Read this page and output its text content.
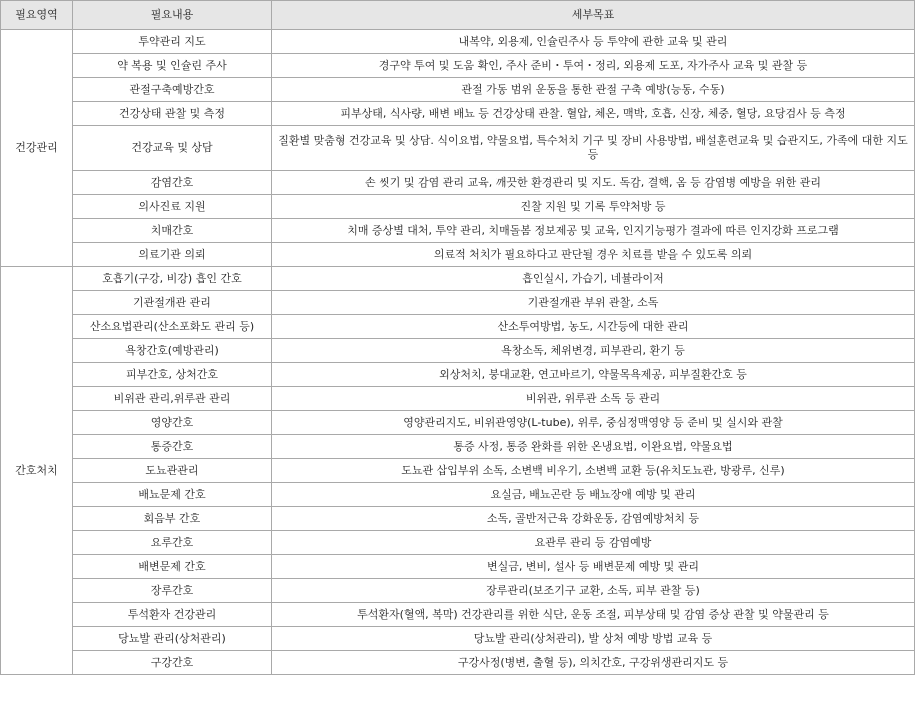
필요영역	필요내용	세부목표
건강관리	투약관리 지도	내복약, 외용제, 인슐린주사 등 투약에 관한 교육 및 관리
	약 복용 및 인슐린 주사	경구약 투여 및 도움 확인, 주사 준비・투여・정리, 외용제 도포, 자가주사 교육 및 관찰 등
	관절구축예방간호	관절 가동 범위 운동을 통한 관절 구축 예방(능동, 수동)
	건강상태 관찰 및 측정	피부상태, 식사량, 배변 배뇨 등 건강상태 관찰. 혈압, 체온, 맥박, 호흡, 신장, 체중, 혈당, 요당검사 등 측정
	건강교육 및 상담	질환별 맞춤형 건강교육 및 상담. 식이요법, 약물요법, 특수처치 기구 및 장비 사용방법, 배설훈련교육 및 습관지도, 가족에 대한 지도 등
	감염간호	손 씻기 및 감염 관리 교육, 깨끗한 환경관리 및 지도. 독감, 결핵, 옴 등 감염병 예방을 위한 관리
	의사진료 지원	진찰 지원 및 기록 투약처방 등
	치매간호	치매 증상별 대처, 투약 관리, 치매돌봄 정보제공 및 교육, 인지기능평가 결과에 따른 인지강화 프로그램
	의료기관 의뢰	의료적 처치가 필요하다고 판단될 경우 치료를 받을 수 있도록 의뢰
간호처치	호흡기(구강, 비강) 흡인 간호	흡인실시, 가습기, 네뷸라이저
	기관절개관 관리	기관절개관 부위 관찰, 소독
	산소요법관리(산소포화도 관리 등)	산소투여방법, 농도, 시간등에 대한 관리
	욕창간호(예방관리)	욕창소독, 체위변경, 피부관리, 환기 등
	피부간호, 상처간호	외상처치, 붕대교환, 연고바르기, 약물목욕제공, 피부질환간호 등
	비위관 관리,위루관 관리	비위관, 위루관 소독 등 관리
	영양간호	영양관리지도, 비위관영양(L-tube), 위루, 중심정맥영양 등 준비 및 실시와 관찰
	통증간호	통증 사정, 통증 완화를 위한 온냉요법, 이완요법, 약물요법
	도뇨관관리	도뇨관 삽입부위 소독, 소변백 비우기, 소변백 교환 등(유치도뇨관, 방광루, 신루)
	배뇨문제 간호	요실금, 배뇨곤란 등 배뇨장애 예방 및 관리
	회음부 간호	소독, 골반저근육 강화운동, 감염예방처치 등
	요루간호	요관루 관리 등 감염예방
	배변문제 간호	변실금, 변비, 설사 등 배변문제 예방 및 관리
	장루간호	장루관리(보조기구 교환, 소독, 피부 관찰 등)
	투석환자 건강관리	투석환자(혈액, 복막) 건강관리를 위한 식단, 운동 조절, 피부상태 및 감염 증상 관찰 및 약물관리 등
	당뇨발 관리(상처관리)	당뇨발 관리(상처관리), 발 상처 예방 방법 교육 등
	구강간호	구강사정(병변, 출혈 등), 의치간호, 구강위생관리지도 등
